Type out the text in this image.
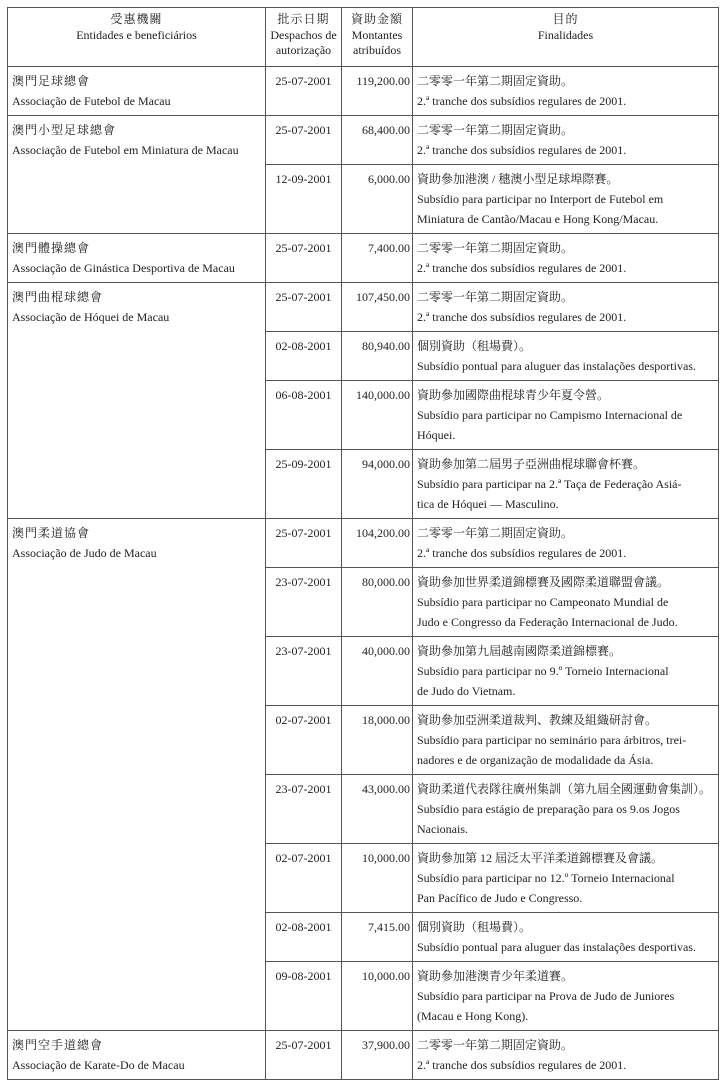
受惠機關
Entidades e beneficiários	批示日期
Despachos de
autorização	資助金額
Montantes
atribuídos	目的
Finalidades

澳門足球總會
Associação de Futebol de Macau	25-07-2001	119,200.00	二零零一年第二期固定資助。
2.ª tranche dos subsídios regulares de 2001.

澳門小型足球總會
Associação de Futebol em Miniatura de Macau	25-07-2001	68,400.00	二零零一年第二期固定資助。
2.ª tranche dos subsídios regulares de 2001.
	12-09-2001	6,000.00	資助參加港澳 / 穗澳小型足球埠際賽。
Subsídio para participar no Interport de Futebol em
Miniatura de Cantão/Macau e Hong Kong/Macau.

澳門體操總會
Associação de Ginástica Desportiva de Macau	25-07-2001	7,400.00	二零零一年第二期固定資助。
2.ª tranche dos subsídios regulares de 2001.

澳門曲棍球總會
Associação de Hóquei de Macau	25-07-2001	107,450.00	二零零一年第二期固定資助。
2.ª tranche dos subsídios regulares de 2001.
	02-08-2001	80,940.00	個別資助（租場費）。
Subsídio pontual para aluguer das instalações desportivas.
	06-08-2001	140,000.00	資助參加國際曲棍球青少年夏令營。
Subsídio para participar no Campismo Internacional de
Hóquei.
	25-09-2001	94,000.00	資助參加第二屆男子亞洲曲棍球聯會杯賽。
Subsídio para participar na 2.ª Taça de Federação Asiá-
tica de Hóquei — Masculino.

澳門柔道協會
Associação de Judo de Macau	25-07-2001	104,200.00	二零零一年第二期固定資助。
2.ª tranche dos subsídios regulares de 2001.
	23-07-2001	80,000.00	資助參加世界柔道錦標賽及國際柔道聯盟會議。
Subsídio para participar no Campeonato Mundial de
Judo e Congresso da Federação Internacional de Judo.
	23-07-2001	40,000.00	資助參加第九屆越南國際柔道錦標賽。
Subsídio para participar no 9.º Torneio Internacional
de Judo do Vietnam.
	02-07-2001	18,000.00	資助參加亞洲柔道裁判、教練及組織研討會。
Subsídio para participar no seminário para árbitros, trei-
nadores e de organização de modalidade da Ásia.
	23-07-2001	43,000.00	資助柔道代表隊往廣州集訓（第九屆全國運動會集訓）。
Subsídio para estágio de preparação para os 9.os Jogos
Nacionais.
	02-07-2001	10,000.00	資助參加第 12 屆泛太平洋柔道錦標賽及會議。
Subsídio para participar no 12.º Torneio Internacional
Pan Pacífico de Judo e Congresso.
	02-08-2001	7,415.00	個別資助（租場費）。
Subsídio pontual para aluguer das instalações desportivas.
	09-08-2001	10,000.00	資助參加港澳青少年柔道賽。
Subsídio para participar na Prova de Judo de Juniores
(Macau e Hong Kong).

澳門空手道總會
Associação de Karate-Do de Macau	25-07-2001	37,900.00	二零零一年第二期固定資助。
2.ª tranche dos subsídios regulares de 2001.
